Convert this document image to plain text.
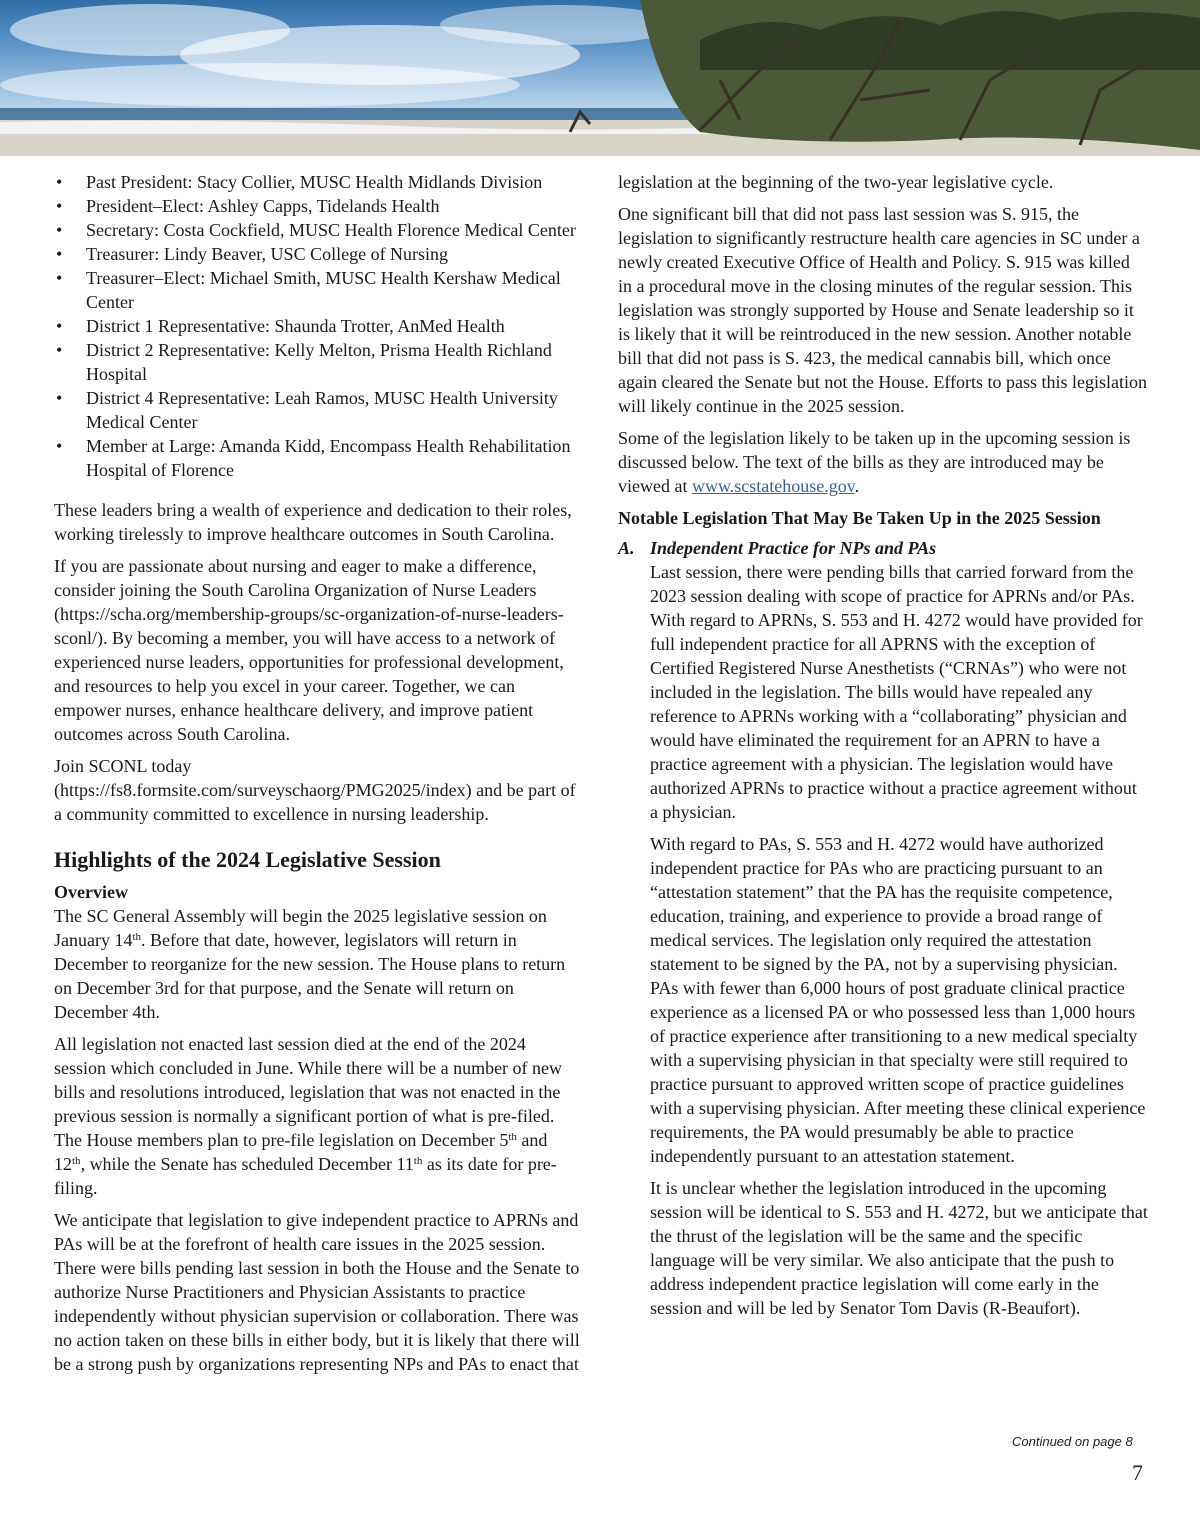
• Past President: Stacy Collier, MUSC Health Midlands Division
• President–Elect: Ashley Capps, Tidelands Health
• Secretary: Costa Cockfield, MUSC Health Florence Medical Center
• Treasurer: Lindy Beaver, USC College of Nursing
• Treasurer–Elect: Michael Smith, MUSC Health Kershaw Medical Center
• District 1 Representative: Shaunda Trotter, AnMed Health
• District 2 Representative: Kelly Melton, Prisma Health Richland Hospital
• District 4 Representative: Leah Ramos, MUSC Health University Medical Center
• Member at Large: Amanda Kidd, Encompass Health Rehabilitation Hospital of Florence

These leaders bring a wealth of experience and dedication to their roles, working tirelessly to improve healthcare outcomes in South Carolina.

If you are passionate about nursing and eager to make a difference, consider joining the South Carolina Organization of Nurse Leaders (https://scha.org/membership-groups/sc-organization-of-nurse-leaders-sconl/). By becoming a member, you will have access to a network of experienced nurse leaders, opportunities for professional development, and resources to help you excel in your career. Together, we can empower nurses, enhance healthcare delivery, and improve patient outcomes across South Carolina.

Join SCONL today (https://fs8.formsite.com/surveyschaorg/PMG2025/index) and be part of a community committed to excellence in nursing leadership.

Highlights of the 2024 Legislative Session
Overview

The SC General Assembly will begin the 2025 legislative session on January 14th. Before that date, however, legislators will return in December to reorganize for the new session. The House plans to return on December 3rd for that purpose, and the Senate will return on December 4th.

All legislation not enacted last session died at the end of the 2024 session which concluded in June. While there will be a number of new bills and resolutions introduced, legislation that was not enacted in the previous session is normally a significant portion of what is pre-filed. The House members plan to pre-file legislation on December 5th and 12th, while the Senate has scheduled December 11th as its date for pre-filing.

We anticipate that legislation to give independent practice to APRNs and PAs will be at the forefront of health care issues in the 2025 session. There were bills pending last session in both the House and the Senate to authorize Nurse Practitioners and Physician Assistants to practice independently without physician supervision or collaboration. There was no action taken on these bills in either body, but it is likely that there will be a strong push by organizations representing NPs and PAs to enact that

legislation at the beginning of the two-year legislative cycle.

One significant bill that did not pass last session was S. 915, the legislation to significantly restructure health care agencies in SC under a newly created Executive Office of Health and Policy. S. 915 was killed in a procedural move in the closing minutes of the regular session. This legislation was strongly supported by House and Senate leadership so it is likely that it will be reintroduced in the new session. Another notable bill that did not pass is S. 423, the medical cannabis bill, which once again cleared the Senate but not the House. Efforts to pass this legislation will likely continue in the 2025 session.

Some of the legislation likely to be taken up in the upcoming session is discussed below. The text of the bills as they are introduced may be viewed at www.scstatehouse.gov.

Notable Legislation That May Be Taken Up in the 2025 Session

A. Independent Practice for NPs and PAs

Last session, there were pending bills that carried forward from the 2023 session dealing with scope of practice for APRNs and/or PAs. With regard to APRNs, S. 553 and H. 4272 would have provided for full independent practice for all APRNS with the exception of Certified Registered Nurse Anesthetists (“CRNAs”) who were not included in the legislation. The bills would have repealed any reference to APRNs working with a “collaborating” physician and would have eliminated the requirement for an APRN to have a practice agreement with a physician. The legislation would have authorized APRNs to practice without a practice agreement without a physician.

With regard to PAs, S. 553 and H. 4272 would have authorized independent practice for PAs who are practicing pursuant to an “attestation statement” that the PA has the requisite competence, education, training, and experience to provide a broad range of medical services. The legislation only required the attestation statement to be signed by the PA, not by a supervising physician. PAs with fewer than 6,000 hours of post graduate clinical practice experience as a licensed PA or who possessed less than 1,000 hours of practice experience after transitioning to a new medical specialty with a supervising physician in that specialty were still required to practice pursuant to approved written scope of practice guidelines with a supervising physician. After meeting these clinical experience requirements, the PA would presumably be able to practice independently pursuant to an attestation statement.

It is unclear whether the legislation introduced in the upcoming session will be identical to S. 553 and H. 4272, but we anticipate that the thrust of the legislation will be the same and the specific language will be very similar. We also anticipate that the push to address independent practice legislation will come early in the session and will be led by Senator Tom Davis (R-Beaufort).

Continued on page 8
7
